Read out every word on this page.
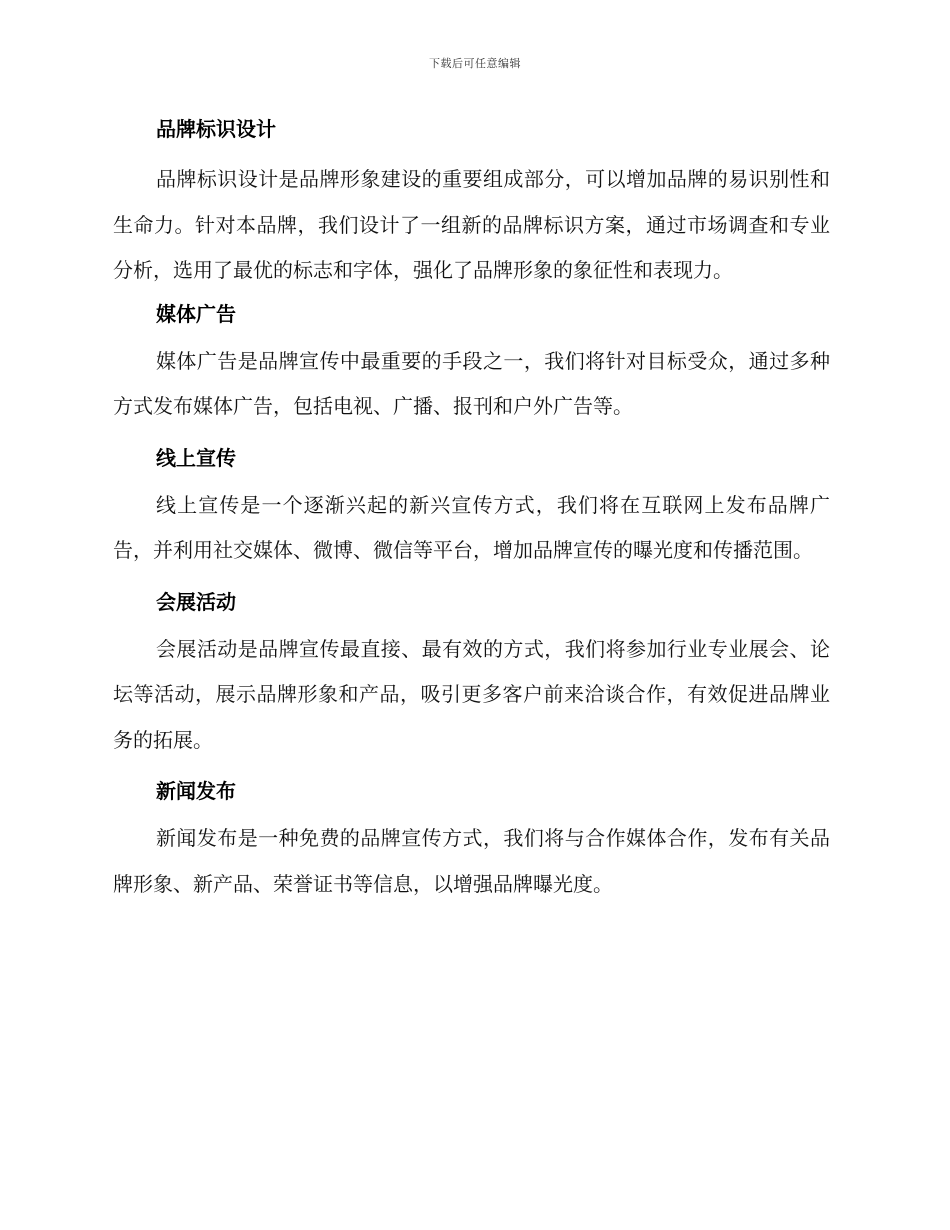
下载后可任意编辑
品牌标识设计

品牌标识设计是品牌形象建设的重要组成部分，可以增加品牌的易识别性和生命力。针对本品牌，我们设计了一组新的品牌标识方案，通过市场调查和专业分析，选用了最优的标志和字体，强化了品牌形象的象征性和表现力。

媒体广告

媒体广告是品牌宣传中最重要的手段之一，我们将针对目标受众，通过多种方式发布媒体广告，包括电视、广播、报刊和户外广告等。

线上宣传

线上宣传是一个逐渐兴起的新兴宣传方式，我们将在互联网上发布品牌广告，并利用社交媒体、微博、微信等平台，增加品牌宣传的曝光度和传播范围。

会展活动

会展活动是品牌宣传最直接、最有效的方式，我们将参加行业专业展会、论坛等活动，展示品牌形象和产品，吸引更多客户前来洽谈合作，有效促进品牌业务的拓展。

新闻发布

新闻发布是一种免费的品牌宣传方式，我们将与合作媒体合作，发布有关品牌形象、新产品、荣誉证书等信息，以增强品牌曝光度。
